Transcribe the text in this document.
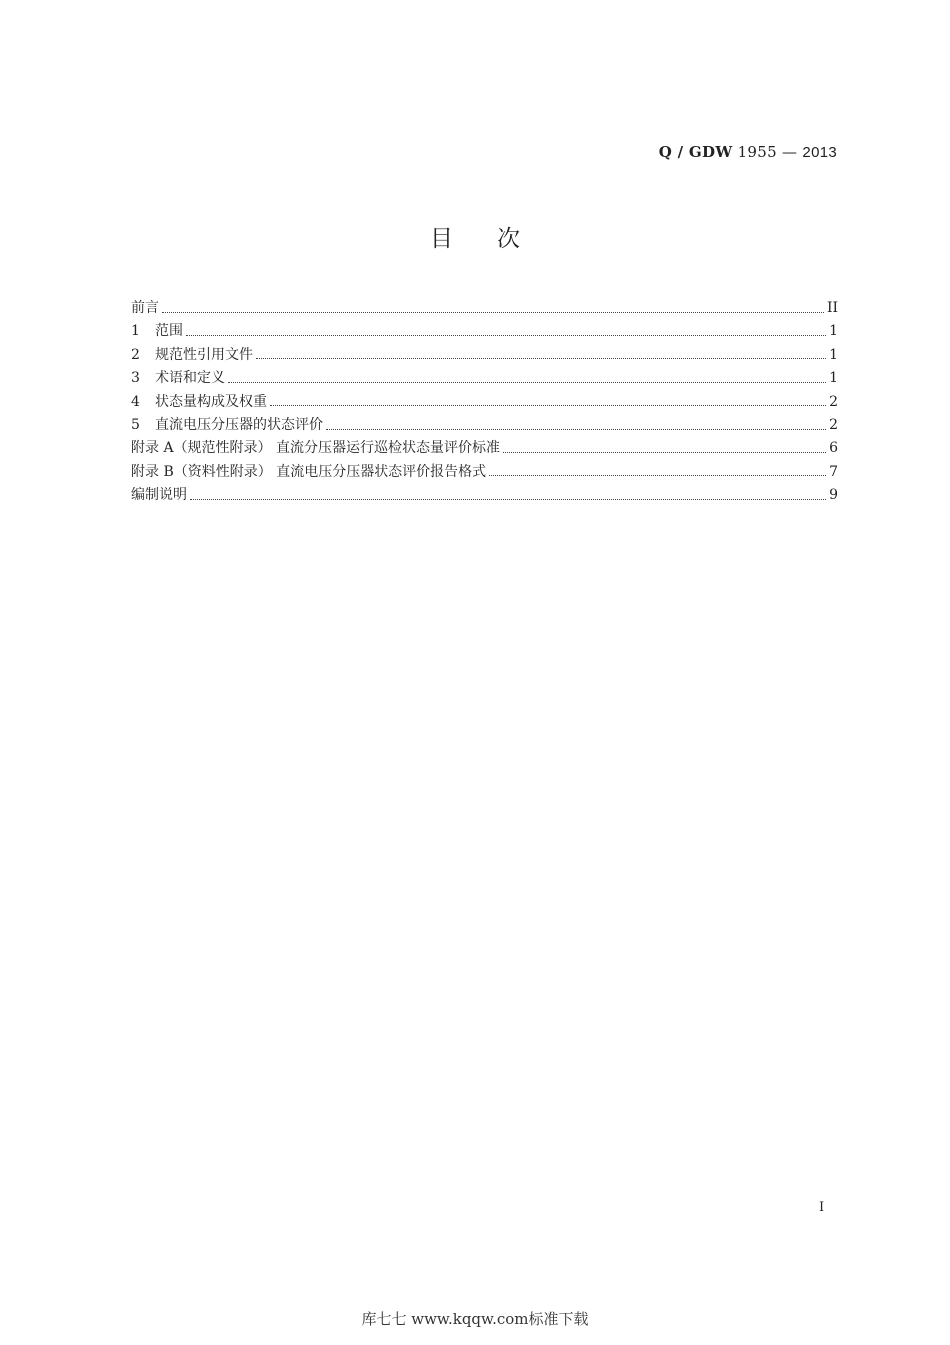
Q / GDW 1955 — 2013
目次
前言	II
1	范围	1
2	规范性引用文件	1
3	术语和定义	1
4	状态量构成及权重	2
5	直流电压分压器的状态评价	2
附录 A（规范性附录） 直流分压器运行巡检状态量评价标准	6
附录 B（资料性附录） 直流电压分压器状态评价报告格式	7
编制说明	9
I
库七七 www.kqqw.com标准下载
